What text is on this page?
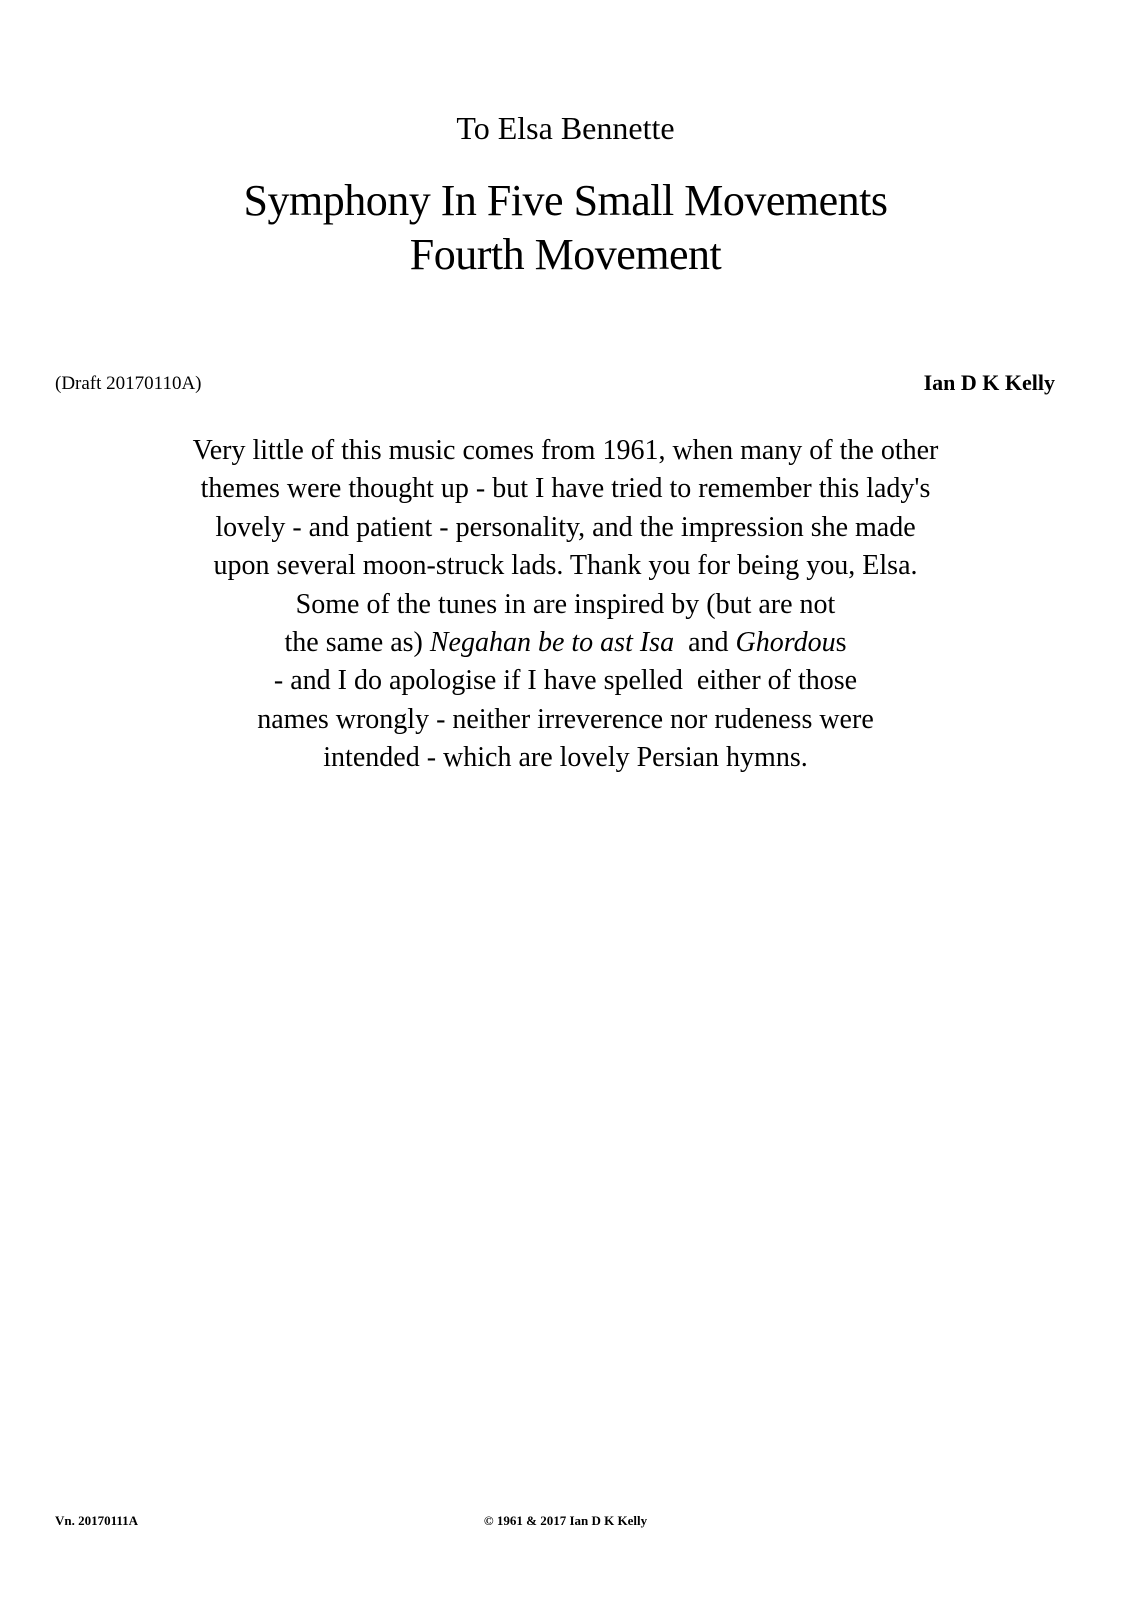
To Elsa Bennette
Symphony In Five Small Movements
Fourth Movement
(Draft 20170110A)	Ian D K Kelly
Very little of this music comes from 1961, when many of the other
themes were thought up - but I have tried to remember this lady's
lovely - and patient - personality, and the impression she made
upon several moon-struck lads. Thank you for being you, Elsa.
Some of the tunes in are inspired by (but are not
the same as) Negahan be to ast Isa  and Ghordous
- and I do apologise if I have spelled  either of those
names wrongly - neither irreverence nor rudeness were
intended - which are lovely Persian hymns.
Vn. 20170111A	© 1961 & 2017 Ian D K Kelly
